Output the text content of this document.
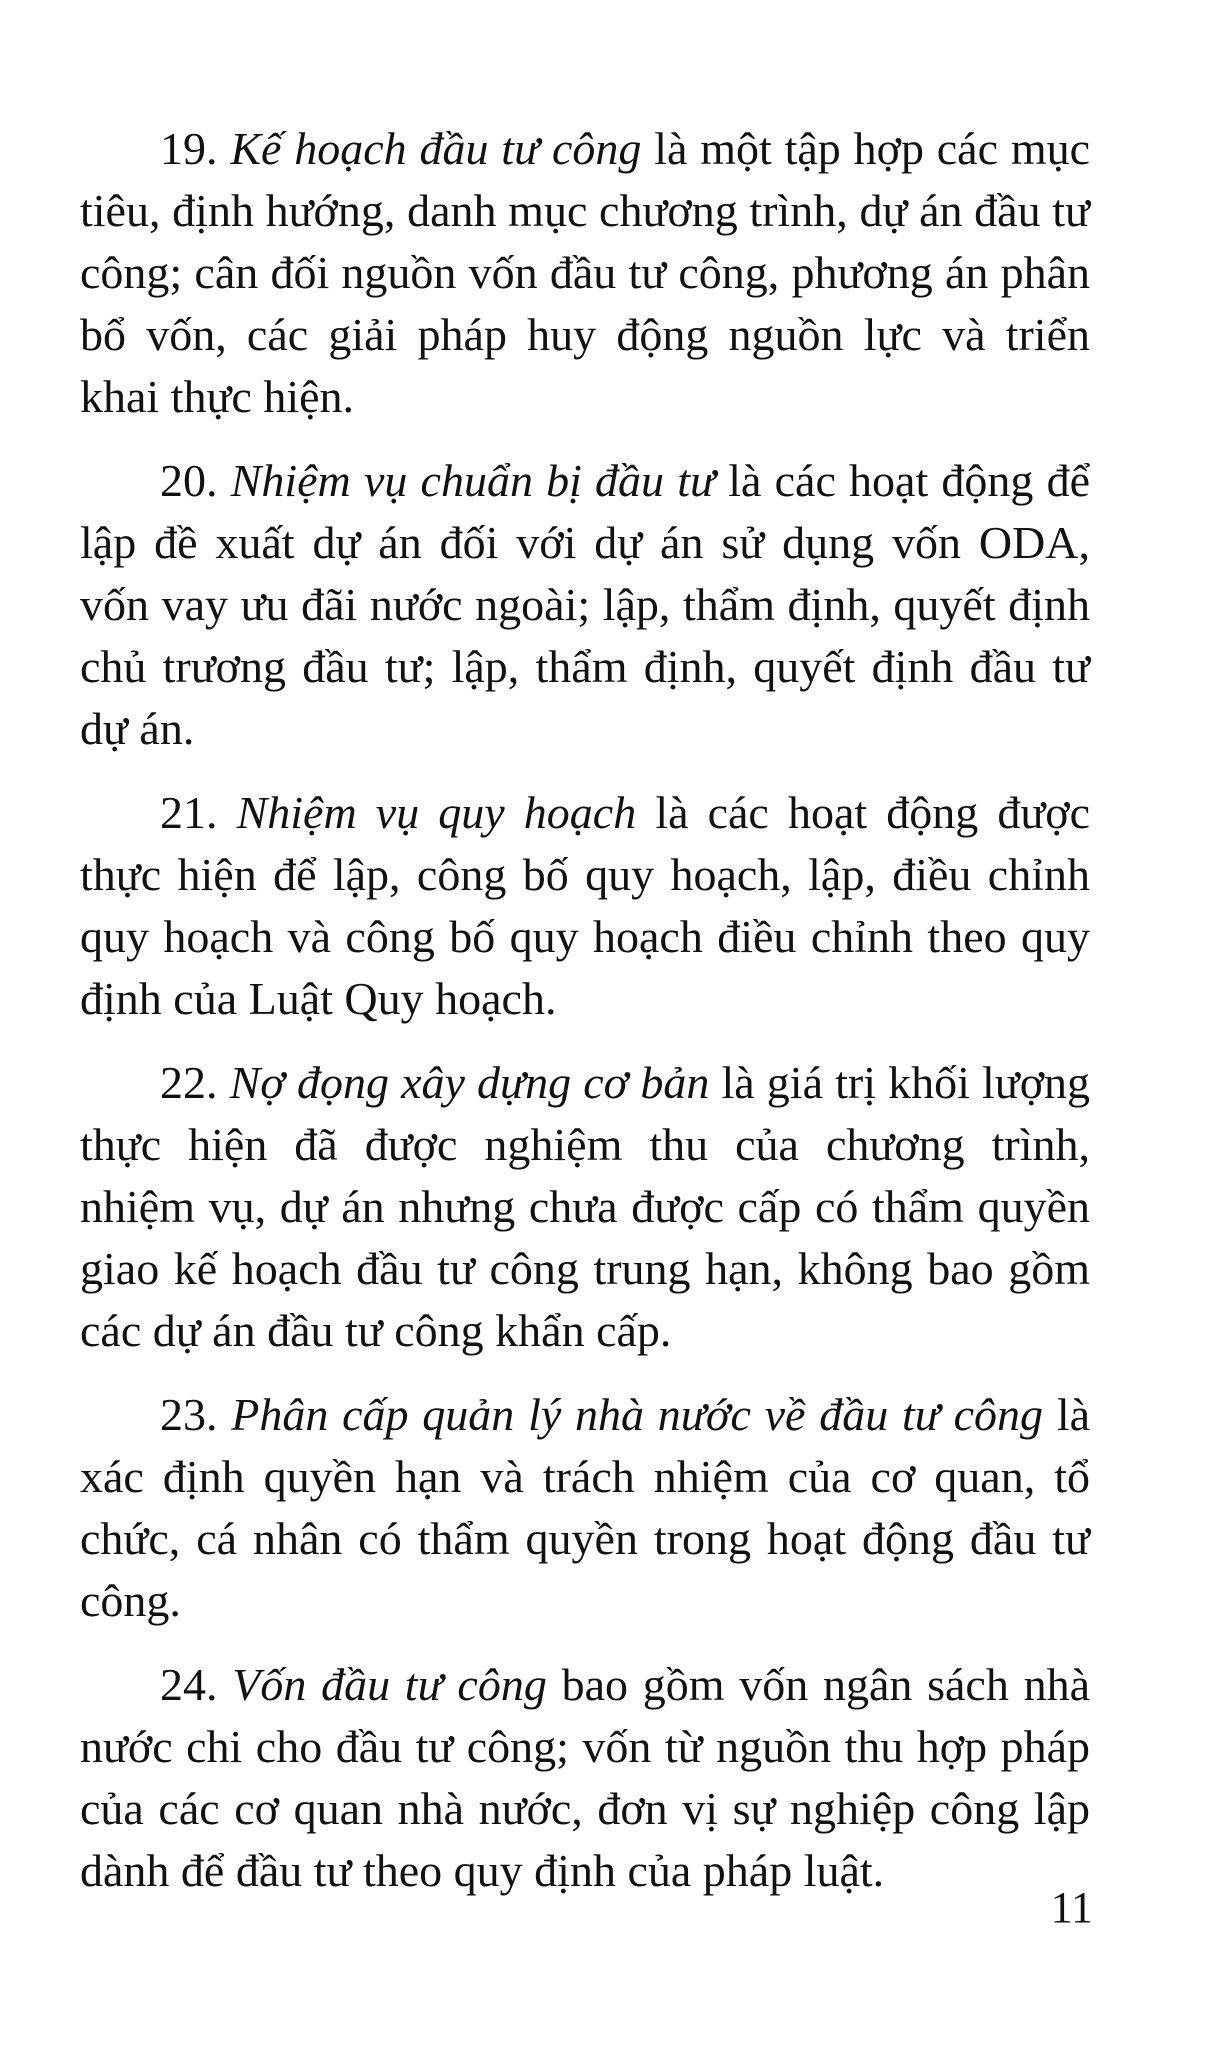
19. Kế hoạch đầu tư công là một tập hợp các mục tiêu, định hướng, danh mục chương trình, dự án đầu tư công; cân đối nguồn vốn đầu tư công, phương án phân bổ vốn, các giải pháp huy động nguồn lực và triển khai thực hiện.

20. Nhiệm vụ chuẩn bị đầu tư là các hoạt động để lập đề xuất dự án đối với dự án sử dụng vốn ODA, vốn vay ưu đãi nước ngoài; lập, thẩm định, quyết định chủ trương đầu tư; lập, thẩm định, quyết định đầu tư dự án.

21. Nhiệm vụ quy hoạch là các hoạt động được thực hiện để lập, công bố quy hoạch, lập, điều chỉnh quy hoạch và công bố quy hoạch điều chỉnh theo quy định của Luật Quy hoạch.

22. Nợ đọng xây dựng cơ bản là giá trị khối lượng thực hiện đã được nghiệm thu của chương trình, nhiệm vụ, dự án nhưng chưa được cấp có thẩm quyền giao kế hoạch đầu tư công trung hạn, không bao gồm các dự án đầu tư công khẩn cấp.

23. Phân cấp quản lý nhà nước về đầu tư công là xác định quyền hạn và trách nhiệm của cơ quan, tổ chức, cá nhân có thẩm quyền trong hoạt động đầu tư công.

24. Vốn đầu tư công bao gồm vốn ngân sách nhà nước chi cho đầu tư công; vốn từ nguồn thu hợp pháp của các cơ quan nhà nước, đơn vị sự nghiệp công lập dành để đầu tư theo quy định của pháp luật.

11
